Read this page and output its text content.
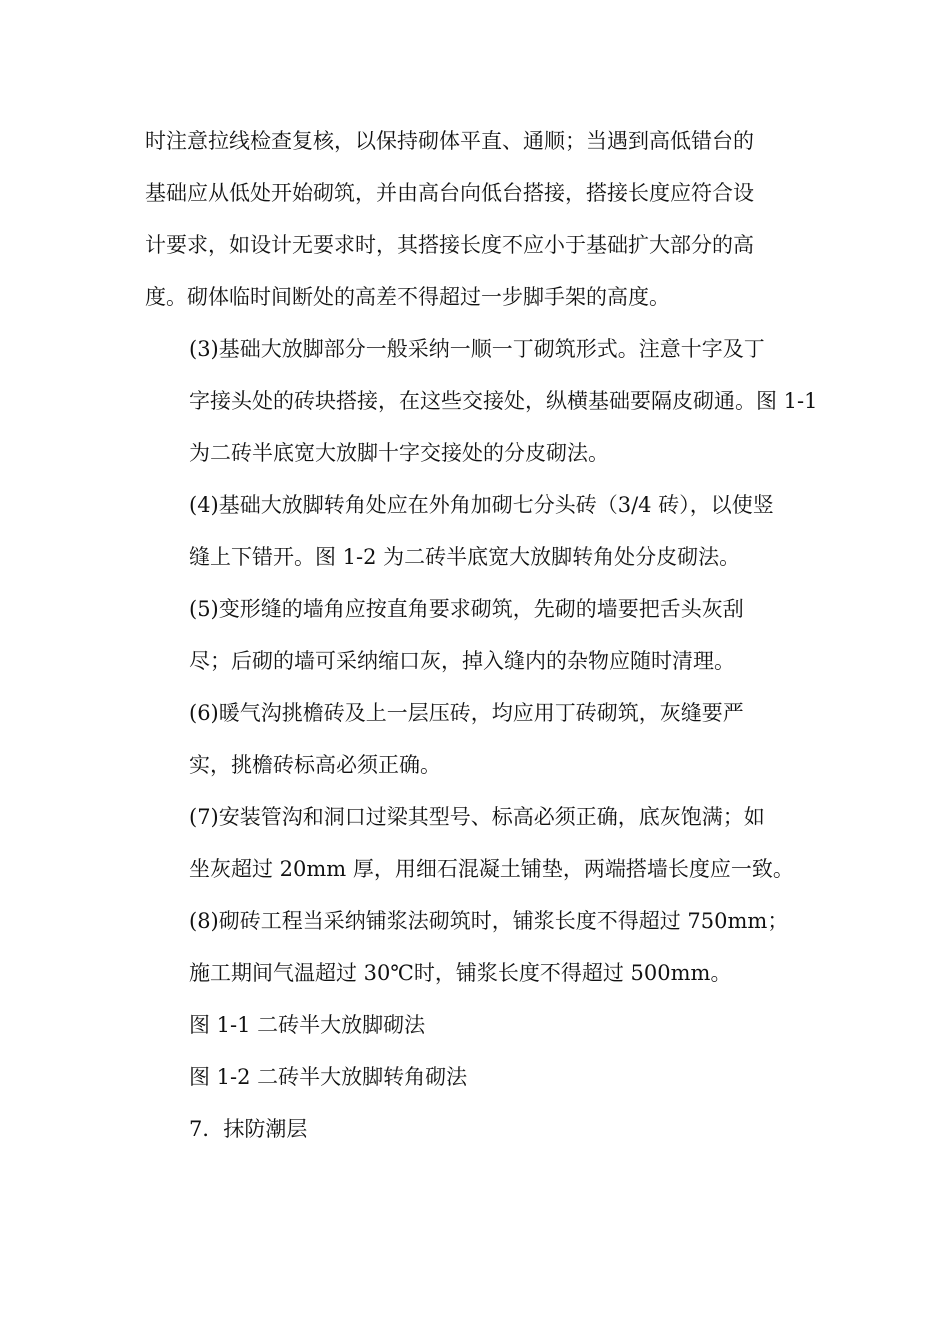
时注意拉线检查复核，以保持砌体平直、通顺；当遇到高低错台的
基础应从低处开始砌筑，并由高台向低台搭接，搭接长度应符合设
计要求，如设计无要求时，其搭接长度不应小于基础扩大部分的高
度。砌体临时间断处的高差不得超过一步脚手架的高度。

(3)基础大放脚部分一般采纳一顺一丁砌筑形式。注意十字及丁
字接头处的砖块搭接，在这些交接处，纵横基础要隔皮砌通。图 1-1
为二砖半底宽大放脚十字交接处的分皮砌法。

(4)基础大放脚转角处应在外角加砌七分头砖（3/4 砖），以使竖
缝上下错开。图 1-2 为二砖半底宽大放脚转角处分皮砌法。

(5)变形缝的墙角应按直角要求砌筑，先砌的墙要把舌头灰刮
尽；后砌的墙可采纳缩口灰，掉入缝内的杂物应随时清理。

(6)暖气沟挑檐砖及上一层压砖，均应用丁砖砌筑，灰缝要严
实，挑檐砖标高必须正确。

(7)安装管沟和洞口过梁其型号、标高必须正确，底灰饱满；如
坐灰超过 20mm 厚，用细石混凝土铺垫，两端搭墙长度应一致。

(8)砌砖工程当采纳铺浆法砌筑时，铺浆长度不得超过 750mm；
施工期间气温超过 30℃时，铺浆长度不得超过 500mm。

图 1-1 二砖半大放脚砌法

图 1-2 二砖半大放脚转角砌法

7．抹防潮层
